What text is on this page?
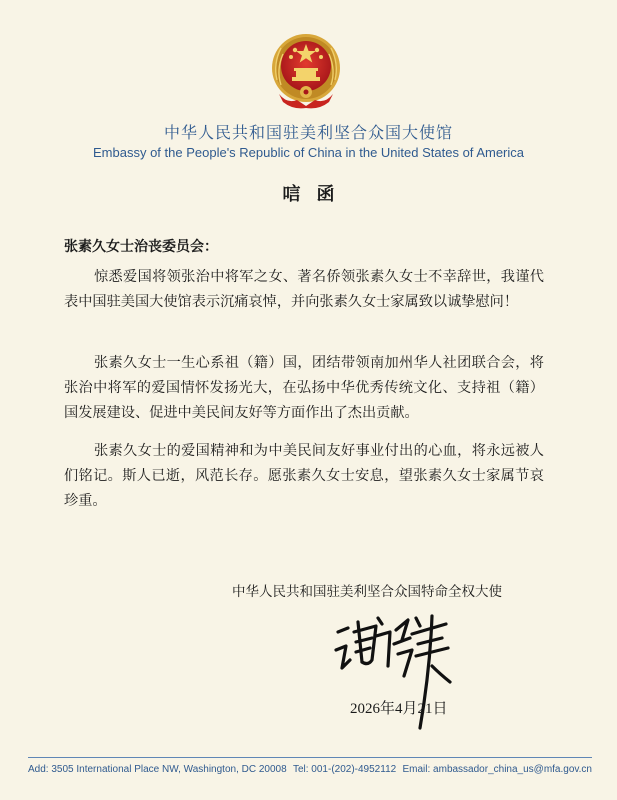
中华人民共和国驻美利坚合众国大使馆
Embassy of the People's Republic of China in the United States of America
唁函
张素久女士治丧委员会：
惊悉爱国将领张治中将军之女、著名侨领张素久女士不幸辞世，我谨代表中国驻美国大使馆表示沉痛哀悼，并向张素久女士家属致以诚挚慰问！
张素久女士一生心系祖（籍）国，团结带领南加州华人社团联合会，将张治中将军的爱国情怀发扬光大，在弘扬中华优秀传统文化、支持祖（籍）国发展建设、促进中美民间友好等方面作出了杰出贡献。
张素久女士的爱国精神和为中美民间友好事业付出的心血，将永远被人们铭记。斯人已逝，风范长存。愿张素久女士安息，望张素久女士家属节哀珍重。
中华人民共和国驻美利坚合众国特命全权大使
2026年4月21日
Add: 3505 International Place NW, Washington, DC 20008 Tel: 001-(202)-4952112 Email: ambassador_china_us@mfa.gov.cn
